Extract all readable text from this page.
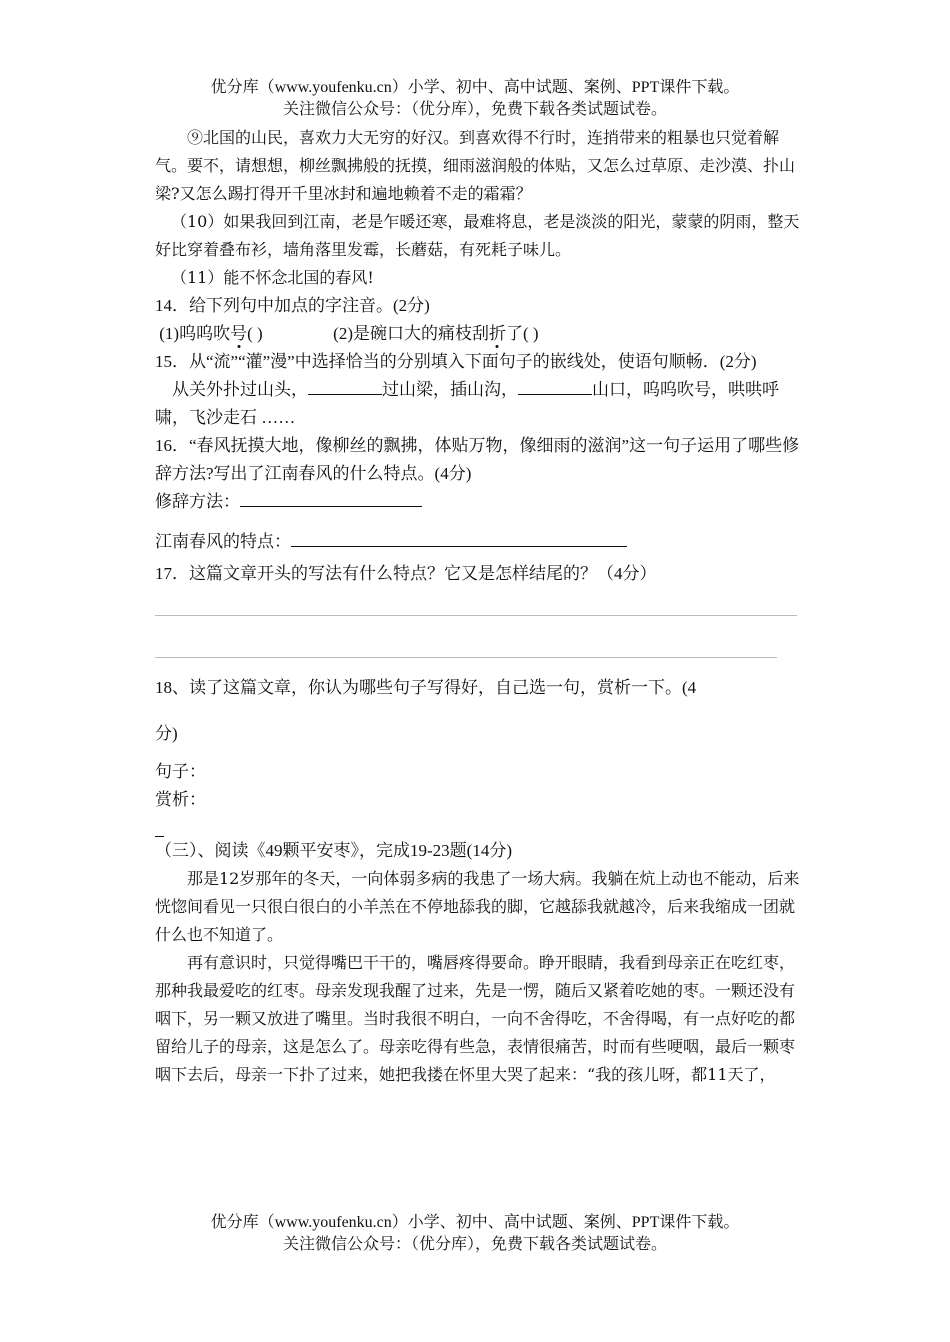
优分库（www.youfenku.cn）小学、初中、高中试题、案例、PPT课件下载。
关注微信公众号：（优分库），免费下载各类试题试卷。

⑨北国的山民，喜欢力大无穷的好汉。到喜欢得不行时，连捎带来的粗暴也只觉着解气。要不，请想想，柳丝飘拂般的抚摸，细雨滋润般的体贴，又怎么过草原、走沙漠、扑山梁?又怎么踢打得开千里冰封和遍地赖着不走的霜霜？

（10）如果我回到江南，老是乍暖还寒，最难将息，老是淡淡的阳光，蒙蒙的阴雨，整天好比穿着叠布衫，墙角落里发霉，长蘑菇，有死耗子味儿。

（11）能不怀念北国的春风!

14．给下列句中加点的字注音。(2分)

(1)呜呜吹号( )	(2)是碗口大的痛枝刮折了( )

15．从“流”“灌”漫”中选择恰当的分别填入下面句子的嵌线处，使语句顺畅．(2分)

从关外扑过山头，	过山梁，插山沟，	山口，呜呜吹号，哄哄呼啸，飞沙走石 ……

16．“春风抚摸大地，像柳丝的飘拂，体贴万物，像细雨的滋润”这一句子运用了哪些修辞方法?写出了江南春风的什么特点。(4分)

修辞方法：

江南春风的特点：

17．这篇文章开头的写法有什么特点？它又是怎样结尾的？（4分）

18、读了这篇文章，你认为哪些句子写得好，自己选一句，赏析一下。(4

分)

句子：

赏析：

（三）、阅读《49颗平安枣》，完成19-23题(14分)

那是12岁那年的冬天，一向体弱多病的我患了一场大病。我躺在炕上动也不能动，后来恍惚间看见一只很白很白的小羊羔在不停地舔我的脚，它越舔我就越冷，后来我缩成一团就什么也不知道了。

再有意识时，只觉得嘴巴干干的，嘴唇疼得要命。睁开眼睛，我看到母亲正在吃红枣，那种我最爱吃的红枣。母亲发现我醒了过来，先是一愣，随后又紧着吃她的枣。一颗还没有咽下，另一颗又放进了嘴里。当时我很不明白，一向不舍得吃，不舍得喝，有一点好吃的都留给儿子的母亲，这是怎么了。母亲吃得有些急，表情很痛苦，时而有些哽咽，最后一颗枣咽下去后，母亲一下扑了过来，她把我搂在怀里大哭了起来：“我的孩儿呀，都11天了，

优分库（www.youfenku.cn）小学、初中、高中试题、案例、PPT课件下载。
关注微信公众号：（优分库），免费下载各类试题试卷。
